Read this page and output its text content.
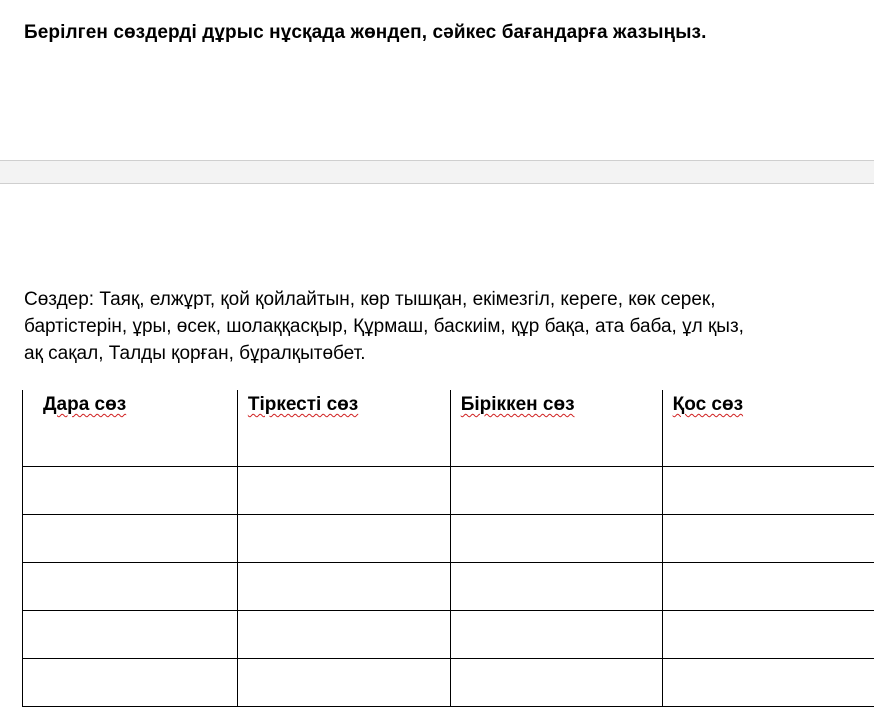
Берілген сөздерді дұрыс нұсқада жөндеп, сәйкес бағандарға жазыңыз.

Сөздер: Таяқ, елжұрт, қой қойлайтын, көр тышқан, екімезгіл, кереге, көк серек,

бартістерін, ұры, өсек, шолаққасқыр, Құрмаш, баскиім, құр бақа, ата баба, ұл қыз,

ақ сақал, Талды қорған, бұралқытөбет.

Дара сөз	Тіркесті сөз	Біріккен сөз	Қос сөз
